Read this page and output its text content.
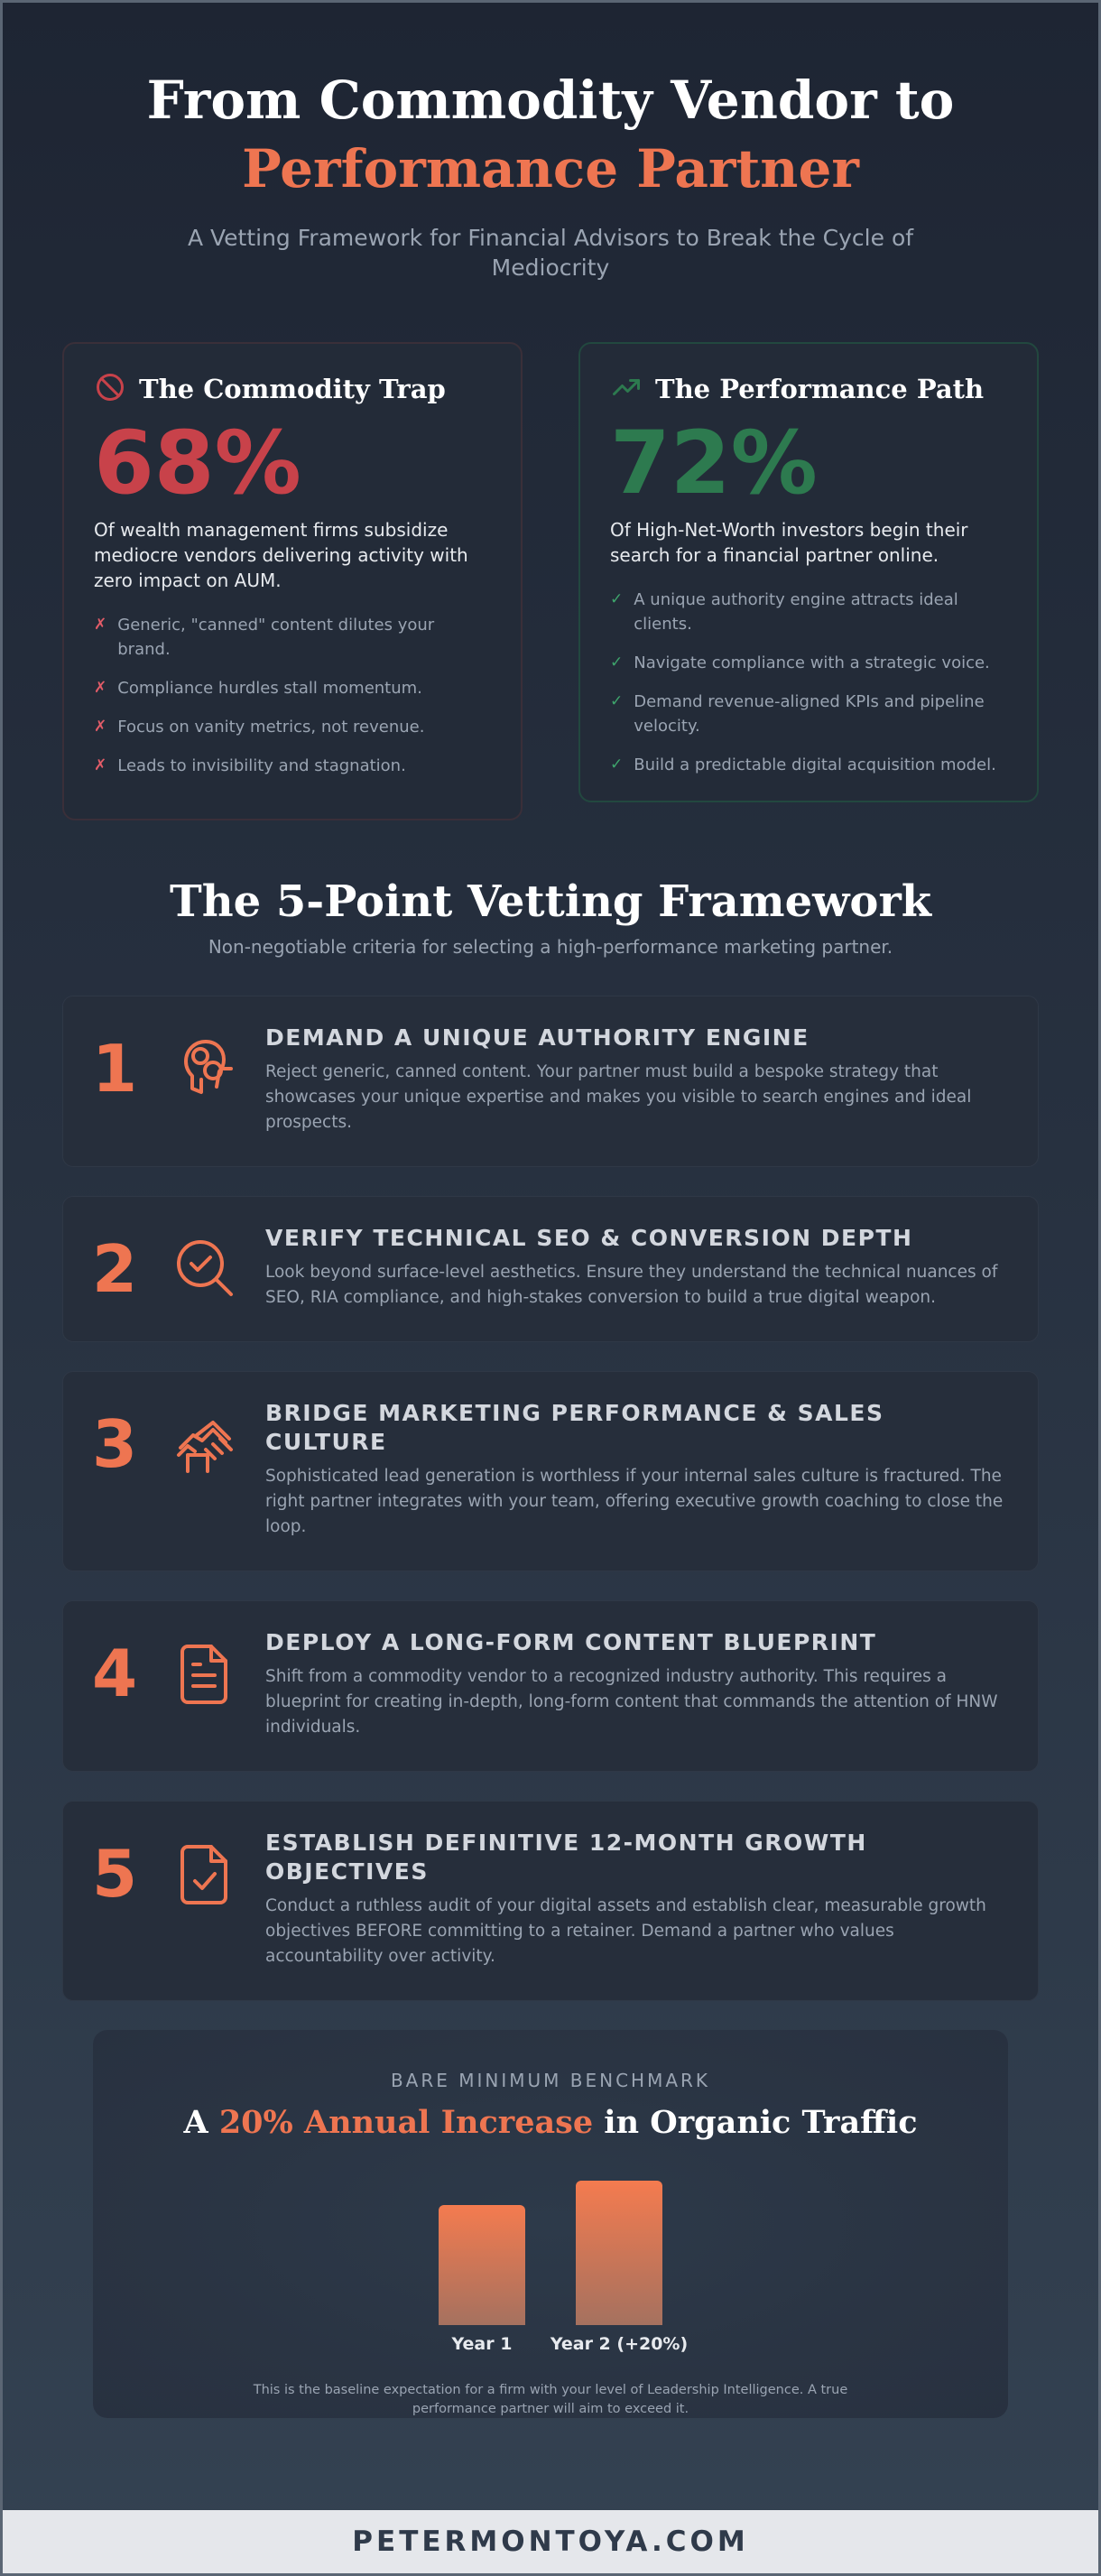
From Commodity Vendor to
Performance Partner

A Vetting Framework for Financial Advisors to Break the Cycle of Mediocrity

The Commodity Trap
68%

Of wealth management firms subsidize mediocre vendors delivering activity with zero impact on AUM.

✗ Generic, "canned" content dilutes your brand.
✗ Compliance hurdles stall momentum.
✗ Focus on vanity metrics, not revenue.
✗ Leads to invisibility and stagnation.
The Performance Path
72%

Of High-Net-Worth investors begin their search for a financial partner online.

✓ A unique authority engine attracts ideal clients.
✓ Navigate compliance with a strategic voice.
✓ Demand revenue-aligned KPIs and pipeline velocity.
✓ Build a predictable digital acquisition model.
The 5-Point Vetting Framework

Non-negotiable criteria for selecting a high-performance marketing partner.

1	DEMAND A UNIQUE AUTHORITY ENGINE

Reject generic, canned content. Your partner must build a bespoke strategy that showcases your unique expertise and makes you visible to search engines and ideal prospects.

2	VERIFY TECHNICAL SEO & CONVERSION DEPTH

Look beyond surface-level aesthetics. Ensure they understand the technical nuances of SEO, RIA compliance, and high-stakes conversion to build a true digital weapon.

3	BRIDGE MARKETING PERFORMANCE & SALES CULTURE

Sophisticated lead generation is worthless if your internal sales culture is fractured. The right partner integrates with your team, offering executive growth coaching to close the loop.

4	DEPLOY A LONG-FORM CONTENT BLUEPRINT

Shift from a commodity vendor to a recognized industry authority. This requires a blueprint for creating in-depth, long-form content that commands the attention of HNW individuals.

5	ESTABLISH DEFINITIVE 12-MONTH GROWTH OBJECTIVES

Conduct a ruthless audit of your digital assets and establish clear, measurable growth objectives BEFORE committing to a retainer. Demand a partner who values accountability over activity.

BARE MINIMUM BENCHMARK
A 20% Annual Increase in Organic Traffic
Year 1	Year 2 (+20%)

This is the baseline expectation for a firm with your level of Leadership Intelligence. A true performance partner will aim to exceed it.

PETERMONTOYA.COM
